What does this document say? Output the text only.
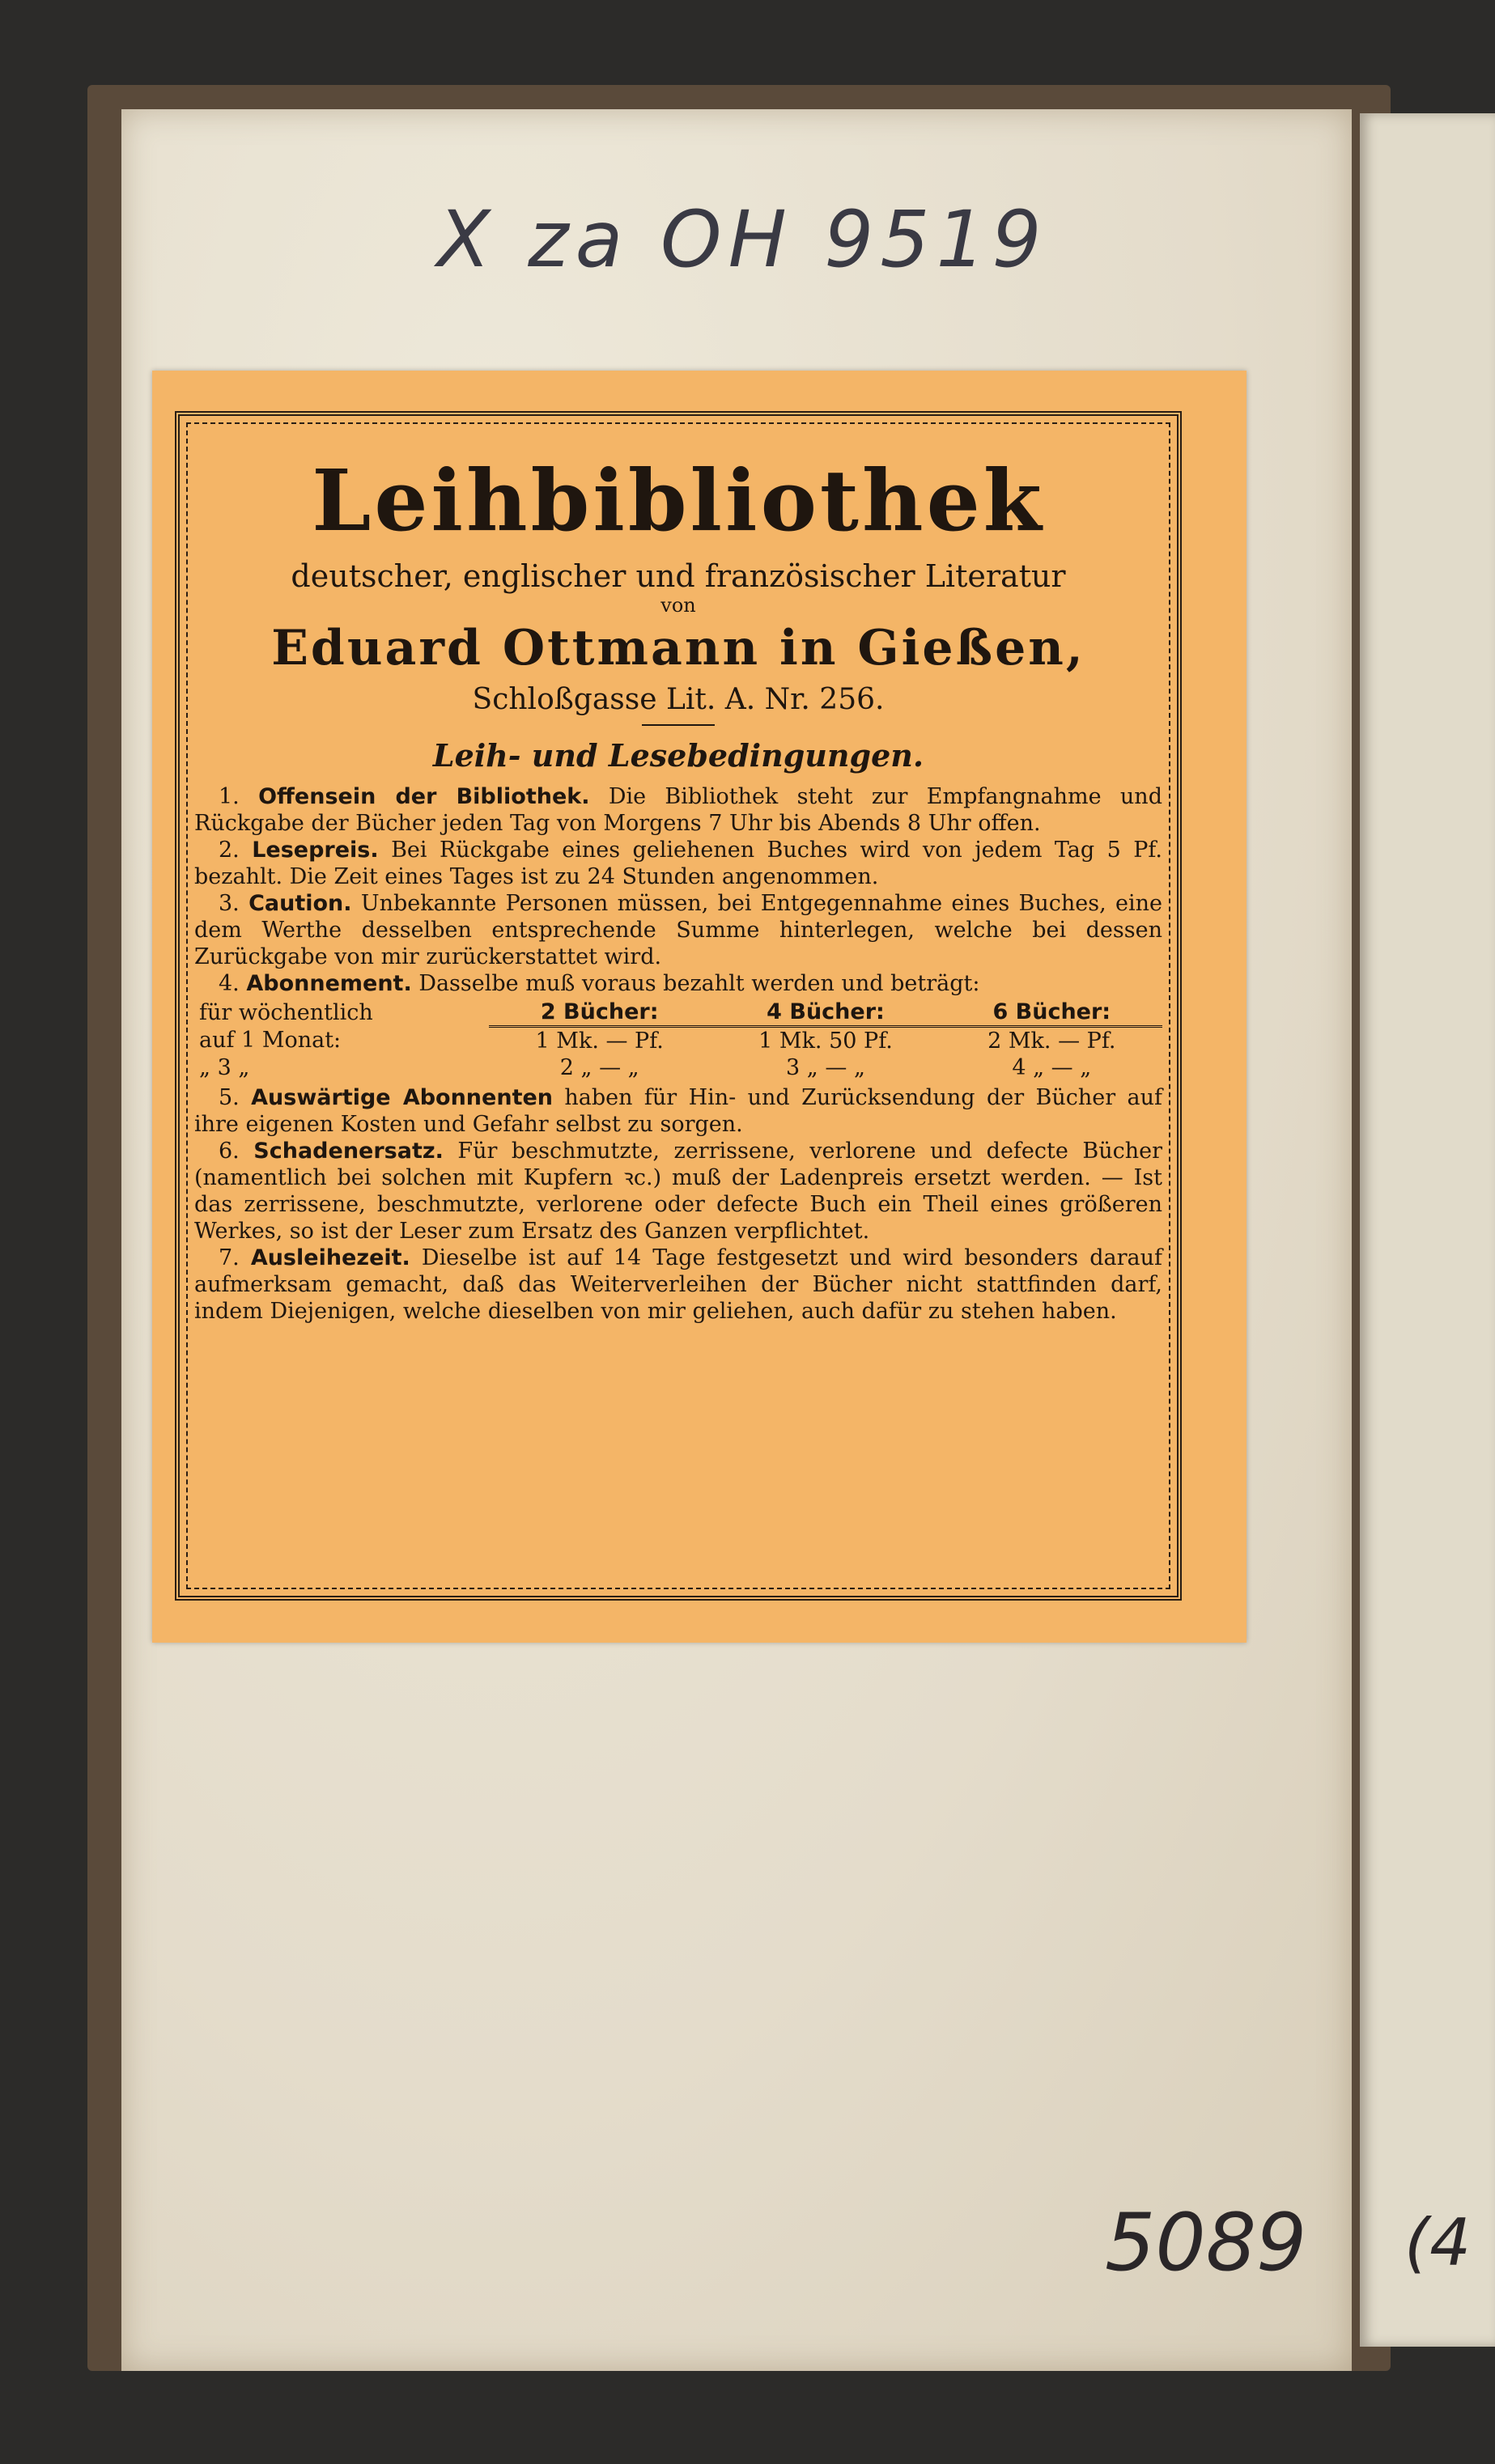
X za OH 9519
Leihbibliothek
deutscher, englischer und französischer Literatur
von
Eduard Ottmann in Gießen,
Schloßgasse Lit. A. Nr. 256.
Leih- und Lesebedingungen.
1. Offensein der Bibliothek. Die Bibliothek steht zur Empfangnahme und Rückgabe der Bücher jeden Tag von Morgens 7 Uhr bis Abends 8 Uhr offen.
2. Lesepreis. Bei Rückgabe eines geliehenen Buches wird von jedem Tag 5 Pf. bezahlt. Die Zeit eines Tages ist zu 24 Stunden angenommen.
3. Caution. Unbekannte Personen müssen, bei Entgegennahme eines Buches, eine dem Werthe desselben entsprechende Summe hinterlegen, welche bei dessen Zurückgabe von mir zurückerstattet wird.
4. Abonnement. Dasselbe muß voraus bezahlt werden und beträgt:
für wöchentlich	2 Bücher:	4 Bücher:	6 Bücher:
auf 1 Monat:	1 Mk. — Pf.	1 Mk. 50 Pf.	2 Mk. — Pf.
„ 3 „	2 „ — „	3 „ — „	4 „ — „
5. Auswärtige Abonnenten haben für Hin- und Zurücksendung der Bücher auf ihre eigenen Kosten und Gefahr selbst zu sorgen.
6. Schadenersatz. Für beschmutzte, zerrissene, verlorene und defecte Bücher (namentlich bei solchen mit Kupfern ꝛc.) muß der Ladenpreis ersetzt werden. — Ist das zerrissene, beschmutzte, verlorene oder defecte Buch ein Theil eines größeren Werkes, so ist der Leser zum Ersatz des Ganzen verpflichtet.
7. Ausleihezeit. Dieselbe ist auf 14 Tage festgesetzt und wird besonders darauf aufmerksam gemacht, daß das Weiterverleihen der Bücher nicht stattfinden darf, indem Diejenigen, welche dieselben von mir geliehen, auch dafür zu stehen haben.
5089 (4
